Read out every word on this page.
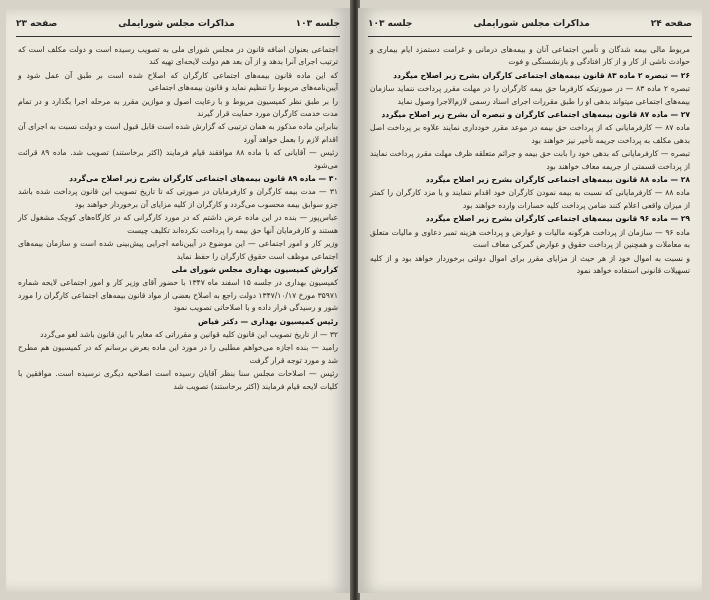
جلسه ۱۰۳
مذاکرات مجلس شورایملی
صفحه ۲۳

اجتماعی بعنوان اضافه قانون در مجلس شورای ملی به تصویب رسیده است و دولت مکلف است که ترتیب اجرای آنرا بدهد و از آن بعد هم دولت لایحه‌ای تهیه کند

که این ماده قانون بیمه‌های اجتماعی کارگران که اصلاح شده است بر طبق آن عمل شود و آیین‌نامه‌های مربوط را تنظیم نماید و قانون بیمه‌های اجتماعی

را بر طبق نظر کمیسیون مربوط و با رعایت اصول و موازین مقرر به مرحله اجرا بگذارد و در تمام مدت خدمت کارگران مورد حمایت قرار گیرند

بنابراین ماده مذکور به همان ترتیبی که گزارش شده است قابل قبول است و دولت نسبت به اجرای آن اقدام لازم را بعمل خواهد آورد

رئیس — آقایانی که با ماده ۸۸ موافقند قیام فرمایند (اکثر برخاستند) تصویب شد. ماده ۸۹ قرائت می‌شود

۳۰ — ماده ۸۹ قانون بیمه‌های اجتماعی کارگران بشرح زیر اصلاح می‌گردد

۳۱ — مدت بیمه کارگران و کارفرمایان در صورتی که تا تاریخ تصویب این قانون پرداخت شده باشد جزو سوابق بیمه محسوب می‌گردد و کارگران از کلیه مزایای آن برخوردار خواهند بود

عباس‌پور — بنده در این ماده عرض داشتم که در مورد کارگرانی که در کارگاه‌های کوچک مشغول کار هستند و کارفرمایان آنها حق بیمه را پرداخت نکرده‌اند تکلیف چیست

وزیر کار و امور اجتماعی — این موضوع در آیین‌نامه اجرایی پیش‌بینی شده است و سازمان بیمه‌های اجتماعی موظف است حقوق کارگران را حفظ نماید

کزارش کمیسیون بهداری مجلس شورای ملی

کمیسیون بهداری در جلسه ۱۵ اسفند ماه ۱۳۴۷ با حضور آقای وزیر کار و امور اجتماعی لایحه شماره ۳۵۹۷۱ مورخ ۱۳۴۷/۱۰/۱۷ دولت راجع به اصلاح بعضی از مواد قانون بیمه‌های اجتماعی کارگران را مورد شور و رسیدگی قرار داده و با اصلاحاتی تصویب نمود

رئیس کمیسیون بهداری — دکتر فیاض

۳۲ — از تاریخ تصویب این قانون کلیه قوانین و مقرراتی که مغایر با این قانون باشد لغو می‌گردد

رامبد — بنده اجازه می‌خواهم مطلبی را در مورد این ماده بعرض برسانم که در کمیسیون هم مطرح شد و مورد توجه قرار گرفت

رئیس — اصلاحات مجلس سنا بنظر آقایان رسیده است اصلاحیه دیگری نرسیده است. موافقین با کلیات لایحه قیام فرمایند (اکثر برخاستند) تصویب شد

صفحه ۲۴
مذاکرات مجلس شورایملی
جلسه ۱۰۳

مربوط مالی بیمه شدگان و تأمین اجتماعی آنان و بیمه‌های درمانی و غرامت دستمزد ایام بیماری و حوادث ناشی از کار و از کار افتادگی و بازنشستگی و فوت

۲۶ — تبصره ۲ ماده ۸۳ قانون بیمه‌های اجتماعی کارگران بشرح زیر اصلاح میگردد

تبصره ۲ ماده ۸۳ — در صورتیکه کارفرما حق بیمه کارگران را در مهلت مقرر پرداخت ننماید سازمان بیمه‌های اجتماعی میتواند بدهی او را طبق مقررات اجرای اسناد رسمی لازم‌الاجرا وصول نماید

۲۷ — ماده ۸۷ قانون بیمه‌های اجتماعی کارگران و تبصره آن بشرح زیر اصلاح میگردد

ماده ۸۷ — کارفرمایانی که از پرداخت حق بیمه در موعد مقرر خودداری نمایند علاوه بر پرداخت اصل بدهی مکلف به پرداخت جریمه تأخیر نیز خواهند بود

تبصره — کارفرمایانی که بدهی خود را بابت حق بیمه و جرائم متعلقه ظرف مهلت مقرر پرداخت نمایند از پرداخت قسمتی از جریمه معاف خواهند بود

۲۸ — ماده ۸۸ قانون بیمه‌های اجتماعی کارگران بشرح زیر اصلاح میگردد

ماده ۸۸ — کارفرمایانی که نسبت به بیمه نمودن کارگران خود اقدام ننمایند و یا مزد کارگران را کمتر از میزان واقعی اعلام کنند ضامن پرداخت کلیه خسارات وارده خواهند بود

۲۹ — ماده ۹۶ قانون بیمه‌های اجتماعی کارگران بشرح زیر اصلاح میگردد

ماده ۹۶ — سازمان از پرداخت هرگونه مالیات و عوارض و پرداخت هزینه تمبر دعاوی و مالیات متعلق به معاملات و همچنین از پرداخت حقوق و عوارض گمرکی معاف است

و نسبت به اموال خود از هر حیث از مزایای مقرر برای اموال دولتی برخوردار خواهد بود و از کلیه تسهیلات قانونی استفاده خواهد نمود
